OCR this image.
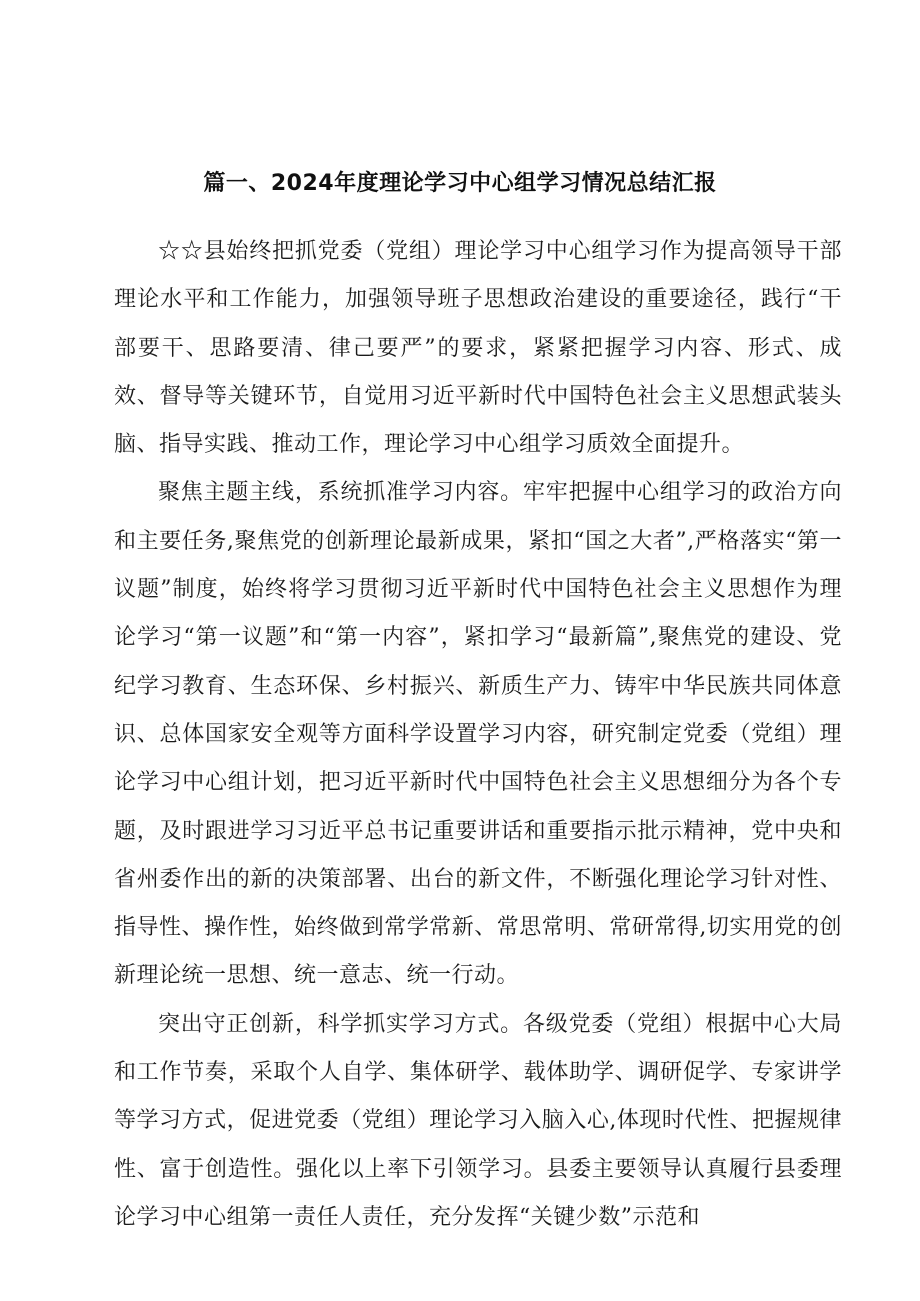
篇一、2024年度理论学习中心组学习情况总结汇报

☆☆县始终把抓党委（党组）理论学习中心组学习作为提高领导干部理论水平和工作能力，加强领导班子思想政治建设的重要途径，践行“干部要干、思路要清、律己要严”的要求，紧紧把握学习内容、形式、成效、督导等关键环节，自觉用习近平新时代中国特色社会主义思想武装头脑、指导实践、推动工作，理论学习中心组学习质效全面提升。

聚焦主题主线，系统抓准学习内容。牢牢把握中心组学习的政治方向和主要任务,聚焦党的创新理论最新成果，紧扣“国之大者”,严格落实“第一议题”制度，始终将学习贯彻习近平新时代中国特色社会主义思想作为理论学习“第一议题”和“第一内容”，紧扣学习“最新篇”,聚焦党的建设、党纪学习教育、生态环保、乡村振兴、新质生产力、铸牢中华民族共同体意识、总体国家安全观等方面科学设置学习内容，研究制定党委（党组）理论学习中心组计划，把习近平新时代中国特色社会主义思想细分为各个专题，及时跟进学习习近平总书记重要讲话和重要指示批示精神，党中央和省州委作出的新的决策部署、出台的新文件，不断强化理论学习针对性、指导性、操作性，始终做到常学常新、常思常明、常研常得,切实用党的创新理论统一思想、统一意志、统一行动。

突出守正创新，科学抓实学习方式。各级党委（党组）根据中心大局和工作节奏，采取个人自学、集体研学、载体助学、调研促学、专家讲学等学习方式，促进党委（党组）理论学习入脑入心,体现时代性、把握规律性、富于创造性。强化以上率下引领学习。县委主要领导认真履行县委理论学习中心组第一责任人责任，充分发挥“关键少数”示范和
